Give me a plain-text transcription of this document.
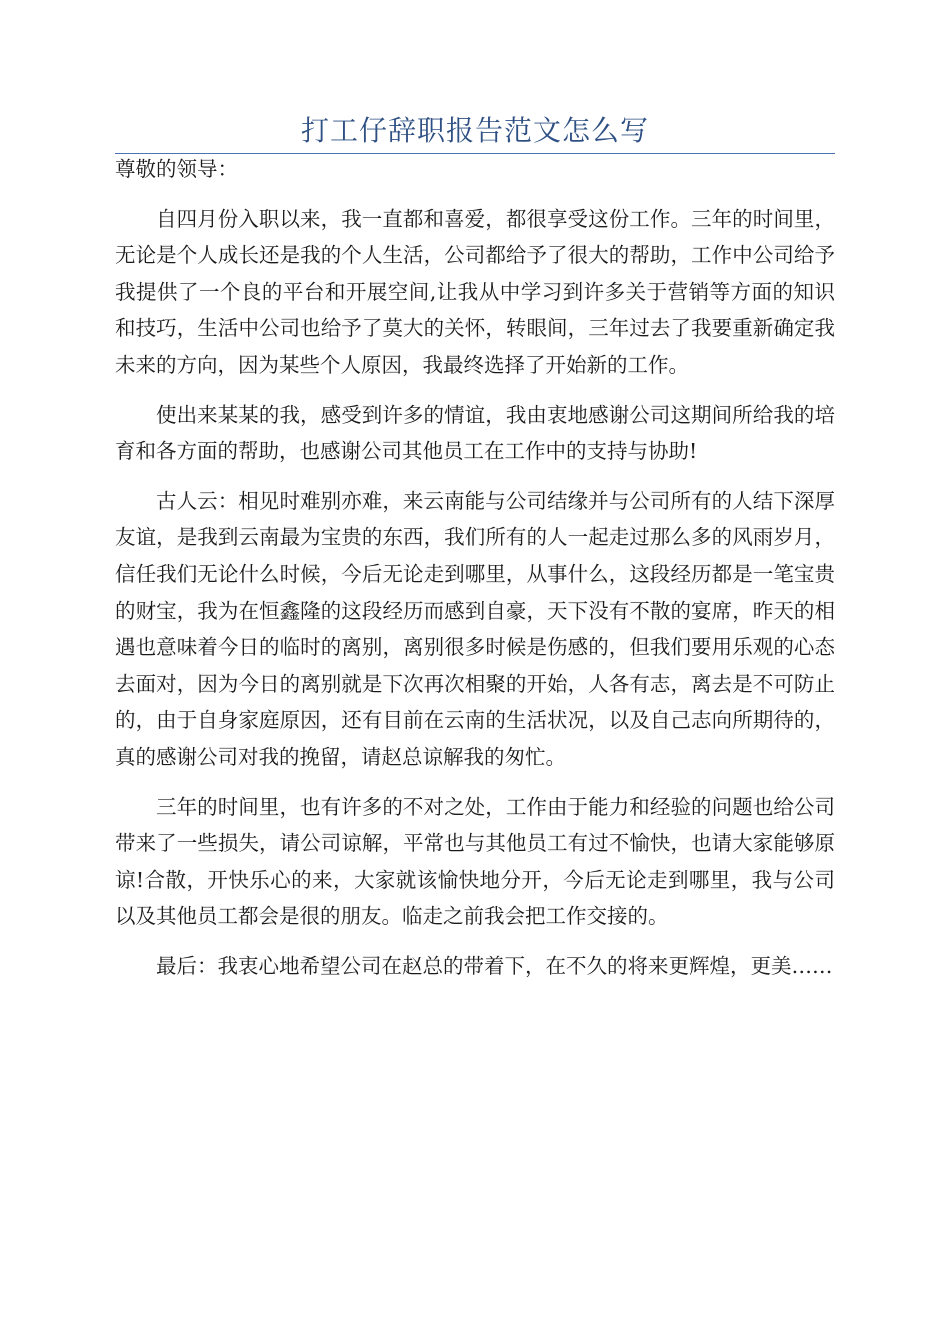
打工仔辞职报告范文怎么写

尊敬的领导：

自四月份入职以来，我一直都和喜爱，都很享受这份工作。三年的时间里，无论是个人成长还是我的个人生活，公司都给予了很大的帮助，工作中公司给予我提供了一个良的平台和开展空间,让我从中学习到许多关于营销等方面的知识和技巧，生活中公司也给予了莫大的关怀，转眼间，三年过去了我要重新确定我未来的方向，因为某些个人原因，我最终选择了开始新的工作。

使出来某某的我，感受到许多的情谊，我由衷地感谢公司这期间所给我的培育和各方面的帮助，也感谢公司其他员工在工作中的支持与协助!

古人云：相见时难别亦难，来云南能与公司结缘并与公司所有的人结下深厚友谊，是我到云南最为宝贵的东西，我们所有的人一起走过那么多的风雨岁月，信任我们无论什么时候，今后无论走到哪里，从事什么，这段经历都是一笔宝贵的财宝，我为在恒鑫隆的这段经历而感到自豪，天下没有不散的宴席，昨天的相遇也意味着今日的临时的离别，离别很多时候是伤感的，但我们要用乐观的心态去面对，因为今日的离别就是下次再次相聚的开始，人各有志，离去是不可防止的，由于自身家庭原因，还有目前在云南的生活状况，以及自己志向所期待的，真的感谢公司对我的挽留，请赵总谅解我的匆忙。

三年的时间里，也有许多的不对之处，工作由于能力和经验的问题也给公司带来了一些损失，请公司谅解，平常也与其他员工有过不愉快，也请大家能够原谅!合散，开快乐心的来，大家就该愉快地分开，今后无论走到哪里，我与公司以及其他员工都会是很的朋友。临走之前我会把工作交接的。

最后：我衷心地希望公司在赵总的带着下，在不久的将来更辉煌，更美……
